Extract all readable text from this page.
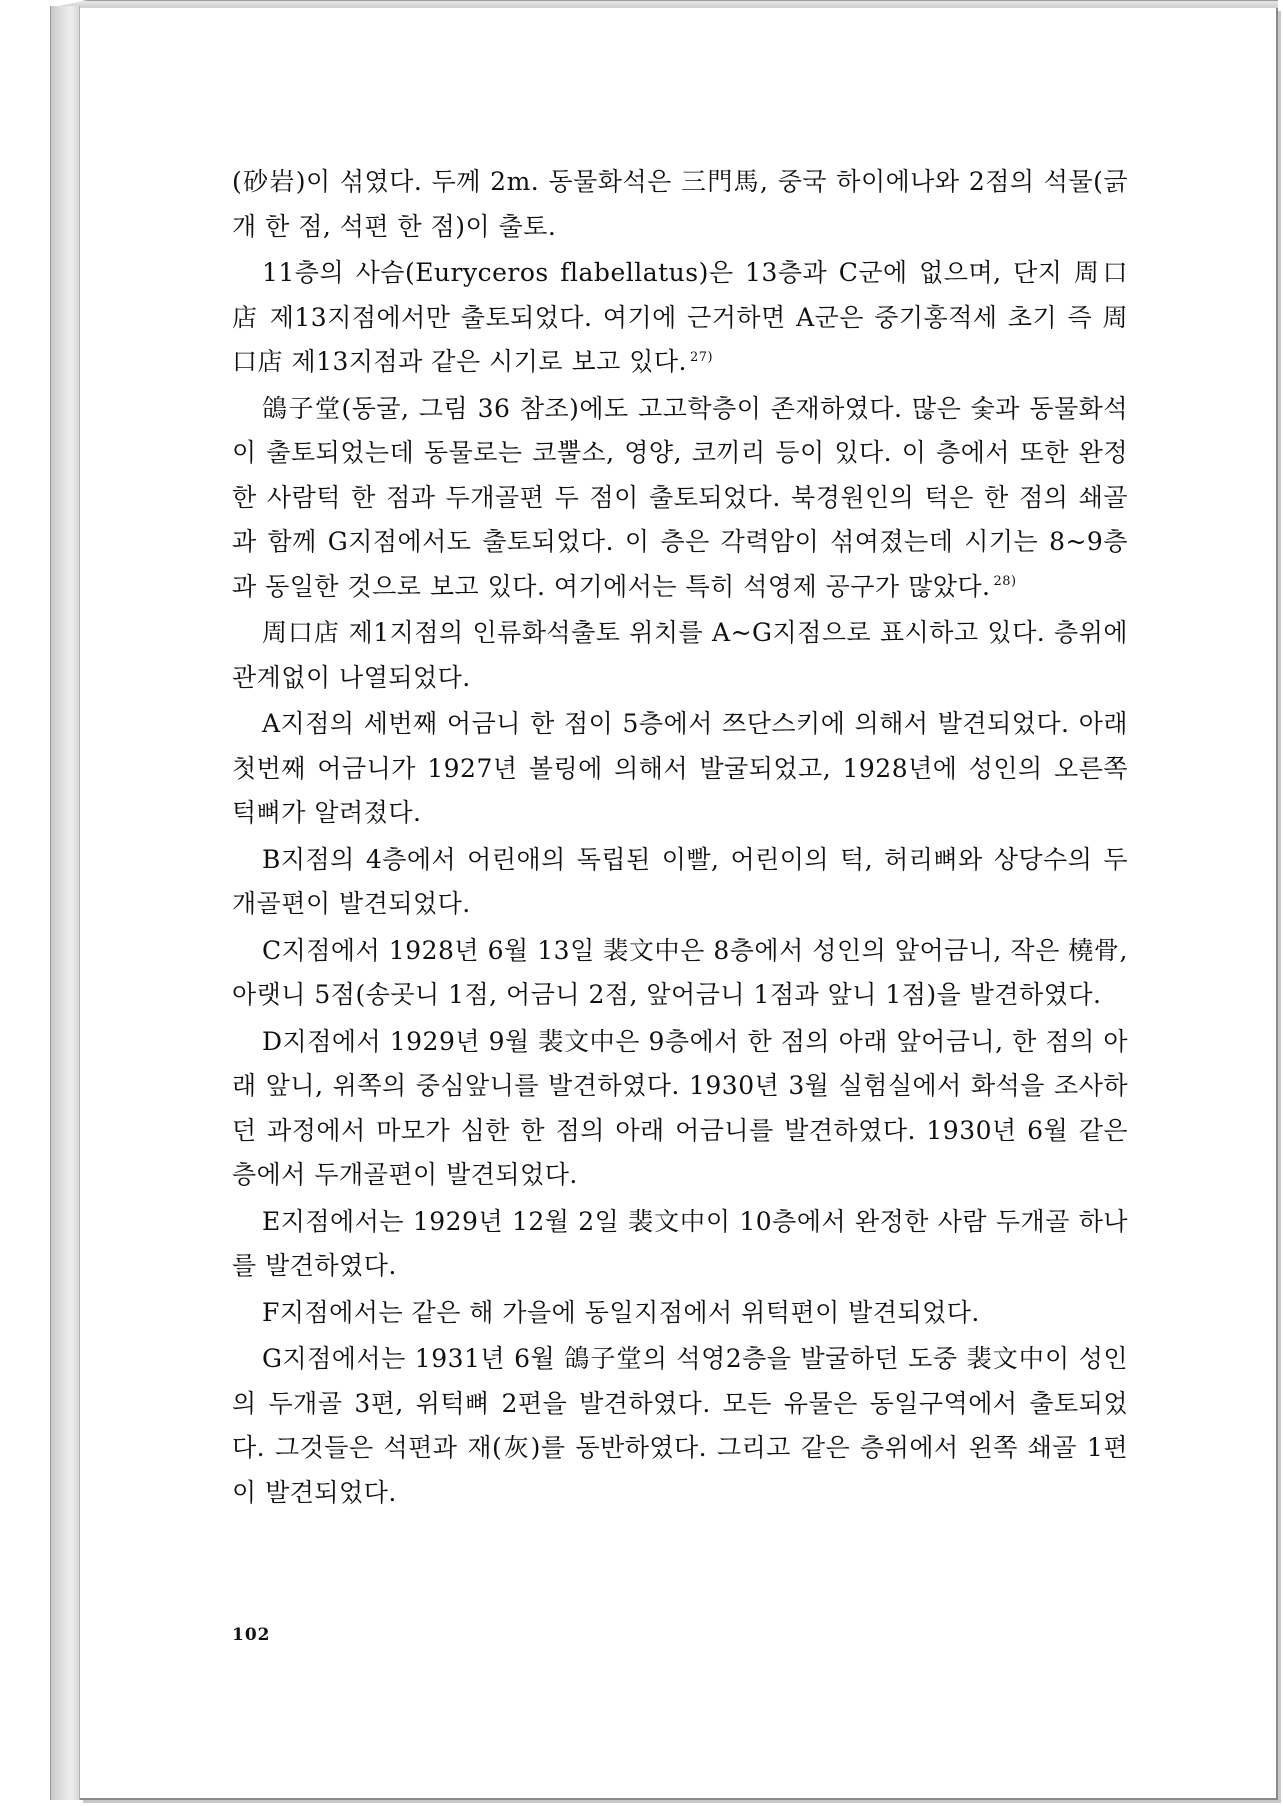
(砂岩)이 섞였다. 두께 2m. 동물화석은 三門馬, 중국 하이에나와 2점의 석물(긁개 한 점, 석편 한 점)이 출토.

11층의 사슴(Euryceros flabellatus)은 13층과 C군에 없으며, 단지 周口店 제13지점에서만 출토되었다. 여기에 근거하면 A군은 중기홍적세 초기 즉 周口店 제13지점과 같은 시기로 보고 있다. $^{27)}$

鴿子堂(동굴, 그림 36 참조)에도 고고학층이 존재하였다. 많은 숯과 동물화석이 출토되었는데 동물로는 코뿔소, 영양, 코끼리 등이 있다. 이 층에서 또한 완정한 사람턱 한 점과 두개골편 두 점이 출토되었다. 북경원인의 턱은 한 점의 쇄골과 함께 G지점에서도 출토되었다. 이 층은 각력암이 섞여졌는데 시기는 8~9층과 동일한 것으로 보고 있다. 여기에서는 특히 석영제 공구가 많았다. $^{28)}$

周口店 제1지점의 인류화석출토 위치를 A~G지점으로 표시하고 있다. 층위에 관계없이 나열되었다.

A지점의 세번째 어금니 한 점이 5층에서 쯔단스키에 의해서 발견되었다. 아래 첫번째 어금니가 1927년 볼링에 의해서 발굴되었고, 1928년에 성인의 오른쪽 턱뼈가 알려졌다.

B지점의 4층에서 어린애의 독립된 이빨, 어린이의 턱, 허리뼈와 상당수의 두개골편이 발견되었다.

C지점에서 1928년 6월 13일 裴文中은 8층에서 성인의 앞어금니, 작은 橈骨, 아랫니 5점(송곳니 1점, 어금니 2점, 앞어금니 1점과 앞니 1점)을 발견하였다.

D지점에서 1929년 9월 裴文中은 9층에서 한 점의 아래 앞어금니, 한 점의 아래 앞니, 위쪽의 중심앞니를 발견하였다. 1930년 3월 실험실에서 화석을 조사하던 과정에서 마모가 심한 한 점의 아래 어금니를 발견하였다. 1930년 6월 같은 층에서 두개골편이 발견되었다.

E지점에서는 1929년 12월 2일 裴文中이 10층에서 완정한 사람 두개골 하나를 발견하였다.

F지점에서는 같은 해 가을에 동일지점에서 위턱편이 발견되었다.

G지점에서는 1931년 6월 鴿子堂의 석영2층을 발굴하던 도중 裴文中이 성인의 두개골 3편, 위턱뼈 2편을 발견하였다. 모든 유물은 동일구역에서 출토되었다. 그것들은 석편과 재(灰)를 동반하였다. 그리고 같은 층위에서 왼쪽 쇄골 1편이 발견되었다.

102
